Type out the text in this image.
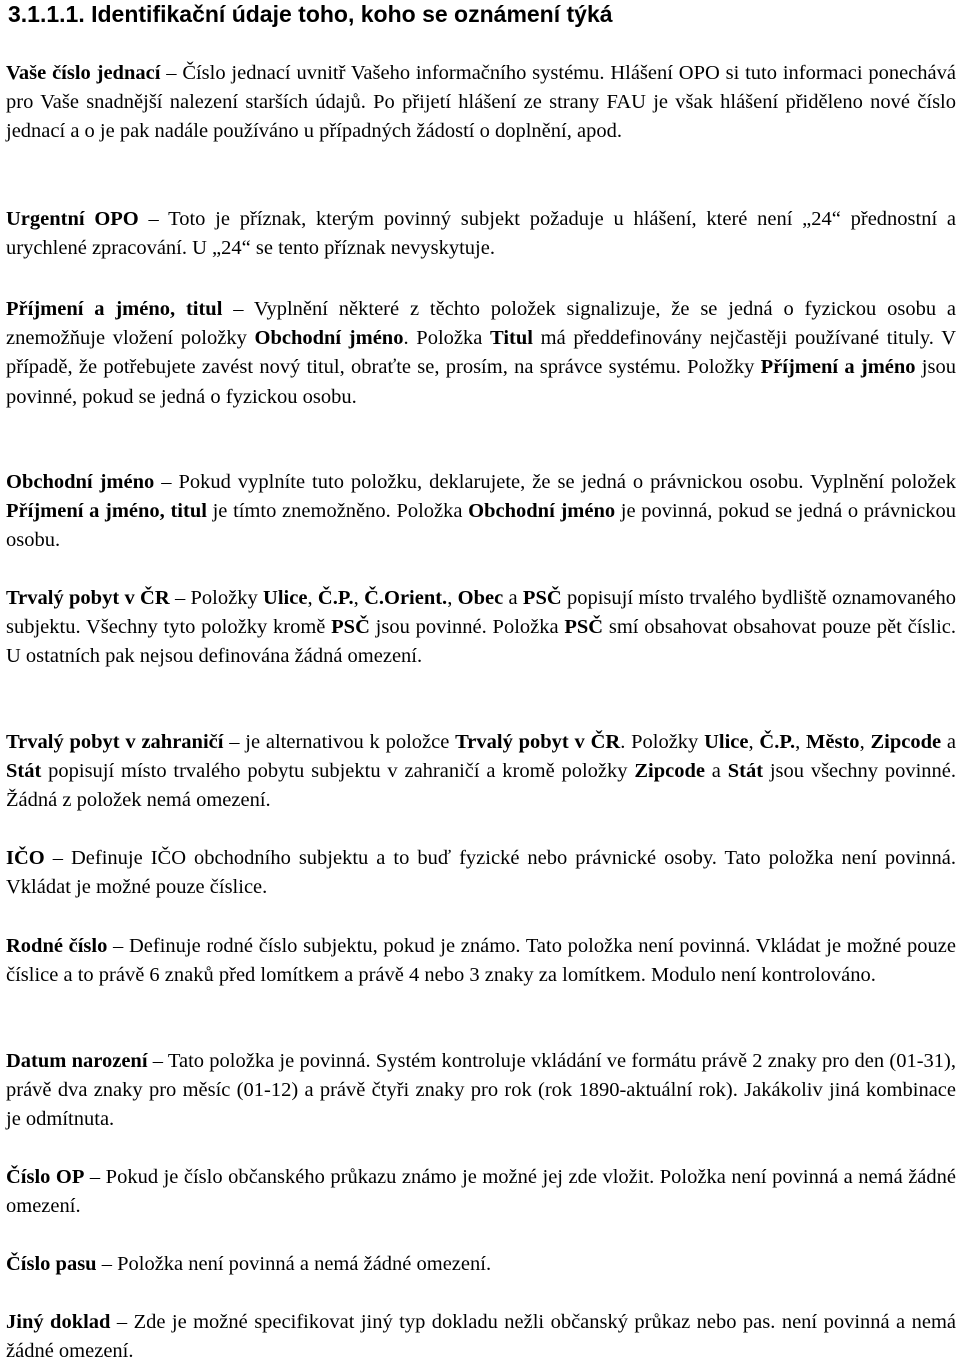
3.1.1.1. Identifikační údaje toho, koho se oznámení týká

Vaše číslo jednací – Číslo jednací uvnitř Vašeho informačního systému. Hlášení OPO si tuto informaci ponechává pro Vaše snadnější nalezení starších údajů. Po přijetí hlášení ze strany FAU je však hlášení přiděleno nové číslo jednací a o je pak nadále používáno u případných žádostí o doplnění, apod.

Urgentní OPO – Toto je příznak, kterým povinný subjekt požaduje u hlášení, které není „24“ přednostní a urychlené zpracování. U „24“ se tento příznak nevyskytuje.

Příjmení a jméno, titul – Vyplnění některé z těchto položek signalizuje, že se jedná o fyzickou osobu a znemožňuje vložení položky Obchodní jméno. Položka Titul má předdefinovány nejčastěji používané tituly. V případě, že potřebujete zavést nový titul, obraťte se, prosím, na správce systému. Položky Příjmení a jméno jsou povinné, pokud se jedná o fyzickou osobu.

Obchodní jméno – Pokud vyplníte tuto položku, deklarujete, že se jedná o právnickou osobu. Vyplnění položek Příjmení a jméno, titul je tímto znemožněno. Položka Obchodní jméno je povinná, pokud se jedná o právnickou osobu.

Trvalý pobyt v ČR – Položky Ulice, Č.P., Č.Orient., Obec a PSČ popisují místo trvalého bydliště oznamovaného subjektu. Všechny tyto položky kromě PSČ jsou povinné. Položka PSČ smí obsahovat obsahovat pouze pět číslic. U ostatních pak nejsou definována žádná omezení.

Trvalý pobyt v zahraničí – je alternativou k položce Trvalý pobyt v ČR. Položky Ulice, Č.P., Město, Zipcode a Stát popisují místo trvalého pobytu subjektu v zahraničí a kromě položky Zipcode a Stát jsou všechny povinné. Žádná z položek nemá omezení.

IČO – Definuje IČO obchodního subjektu a to buď fyzické nebo právnické osoby. Tato položka není povinná. Vkládat je možné pouze číslice.

Rodné číslo – Definuje rodné číslo subjektu, pokud je známo. Tato položka není povinná. Vkládat je možné pouze číslice a to právě 6 znaků před lomítkem a právě 4 nebo 3 znaky za lomítkem. Modulo není kontrolováno.

Datum narození – Tato položka je povinná. Systém kontroluje vkládání ve formátu právě 2 znaky pro den (01-31), právě dva znaky pro měsíc (01-12) a právě čtyři znaky pro rok (rok 1890-aktuální rok). Jakákoliv jiná kombinace je odmítnuta.

Číslo OP – Pokud je číslo občanského průkazu známo je možné jej zde vložit. Položka není povinná a nemá žádné omezení.

Číslo pasu – Položka není povinná a nemá žádné omezení.

Jiný doklad – Zde je možné specifikovat jiný typ dokladu nežli občanský průkaz nebo pas. není povinná a nemá žádné omezení.
